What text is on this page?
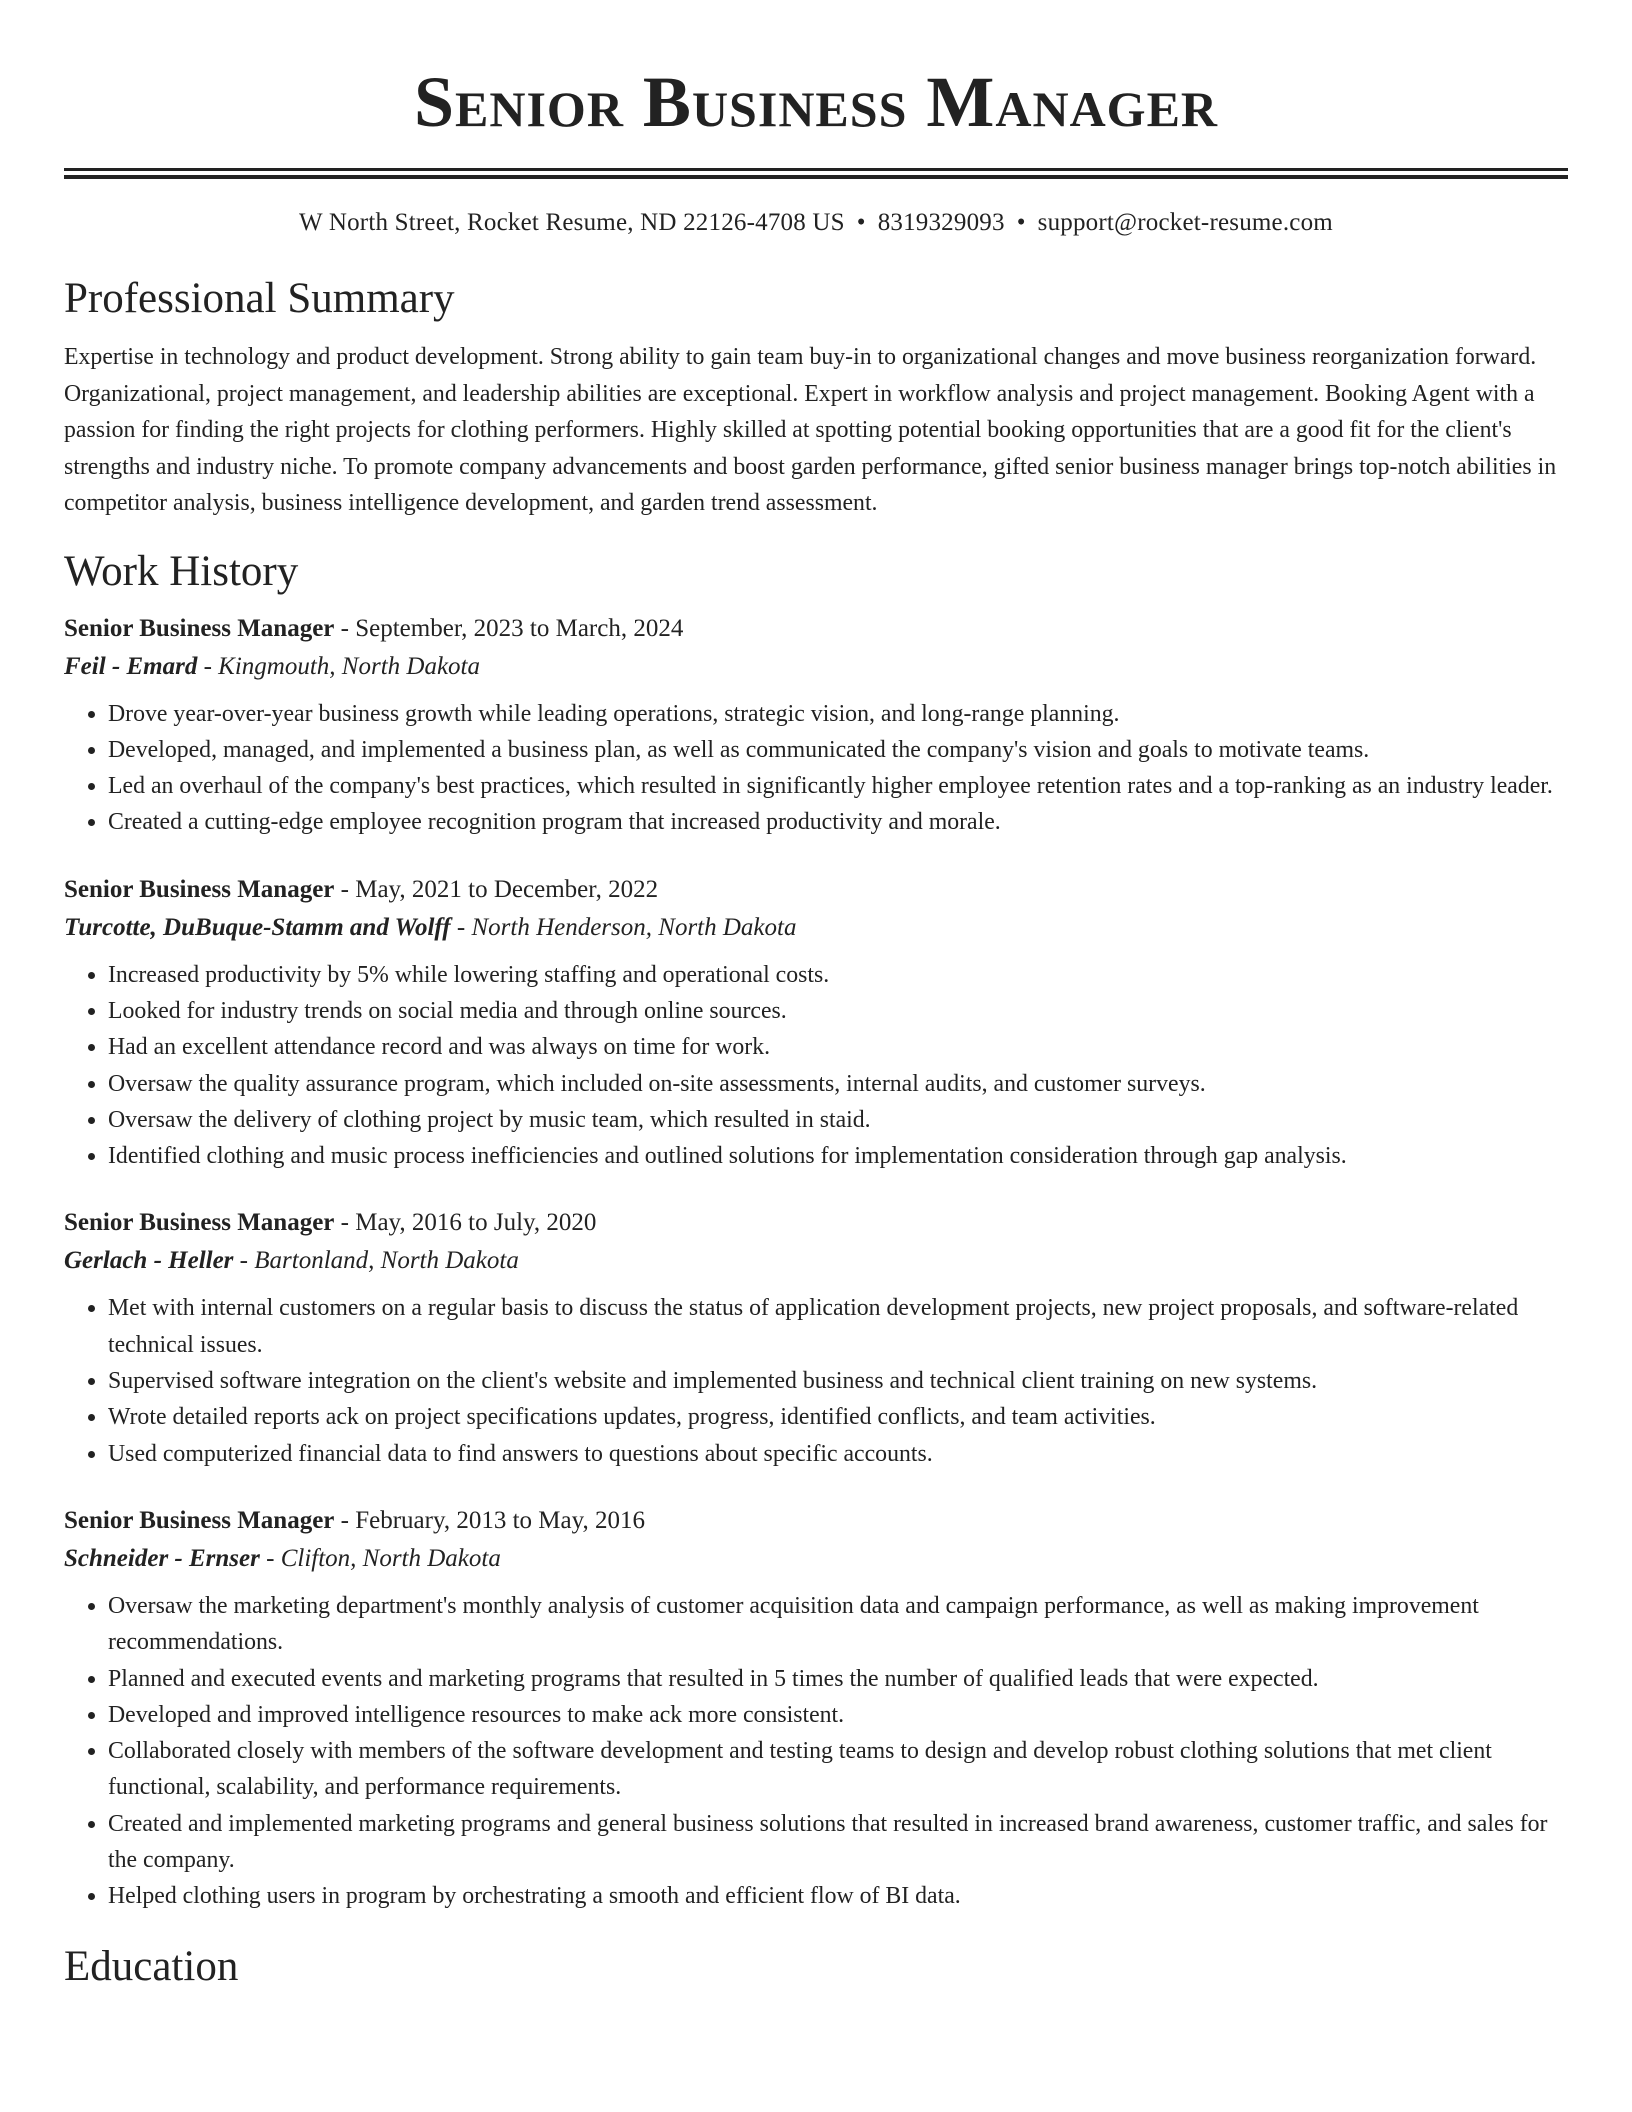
Senior Business Manager
W North Street, Rocket Resume, ND 22126-4708 US • 8319329093 • support@rocket-resume.com
Professional Summary

Expertise in technology and product development. Strong ability to gain team buy-in to organizational changes and move business reorganization forward. Organizational, project management, and leadership abilities are exceptional. Expert in workflow analysis and project management. Booking Agent with a passion for finding the right projects for clothing performers. Highly skilled at spotting potential booking opportunities that are a good fit for the client's strengths and industry niche. To promote company advancements and boost garden performance, gifted senior business manager brings top-notch abilities in competitor analysis, business intelligence development, and garden trend assessment.

Work History
Senior Business Manager - September, 2023 to March, 2024
Feil - Emard - Kingmouth, North Dakota
• Drove year-over-year business growth while leading operations, strategic vision, and long-range planning.
• Developed, managed, and implemented a business plan, as well as communicated the company's vision and goals to motivate teams.
• Led an overhaul of the company's best practices, which resulted in significantly higher employee retention rates and a top-ranking as an industry leader.
• Created a cutting-edge employee recognition program that increased productivity and morale.
Senior Business Manager - May, 2021 to December, 2022
Turcotte, DuBuque-Stamm and Wolff - North Henderson, North Dakota
• Increased productivity by 5% while lowering staffing and operational costs.
• Looked for industry trends on social media and through online sources.
• Had an excellent attendance record and was always on time for work.
• Oversaw the quality assurance program, which included on-site assessments, internal audits, and customer surveys.
• Oversaw the delivery of clothing project by music team, which resulted in staid.
• Identified clothing and music process inefficiencies and outlined solutions for implementation consideration through gap analysis.
Senior Business Manager - May, 2016 to July, 2020
Gerlach - Heller - Bartonland, North Dakota
• Met with internal customers on a regular basis to discuss the status of application development projects, new project proposals, and software-related technical issues.
• Supervised software integration on the client's website and implemented business and technical client training on new systems.
• Wrote detailed reports ack on project specifications updates, progress, identified conflicts, and team activities.
• Used computerized financial data to find answers to questions about specific accounts.
Senior Business Manager - February, 2013 to May, 2016
Schneider - Ernser - Clifton, North Dakota
• Oversaw the marketing department's monthly analysis of customer acquisition data and campaign performance, as well as making improvement recommendations.
• Planned and executed events and marketing programs that resulted in 5 times the number of qualified leads that were expected.
• Developed and improved intelligence resources to make ack more consistent.
• Collaborated closely with members of the software development and testing teams to design and develop robust clothing solutions that met client functional, scalability, and performance requirements.
• Created and implemented marketing programs and general business solutions that resulted in increased brand awareness, customer traffic, and sales for the company.
• Helped clothing users in program by orchestrating a smooth and efficient flow of BI data.
Education
